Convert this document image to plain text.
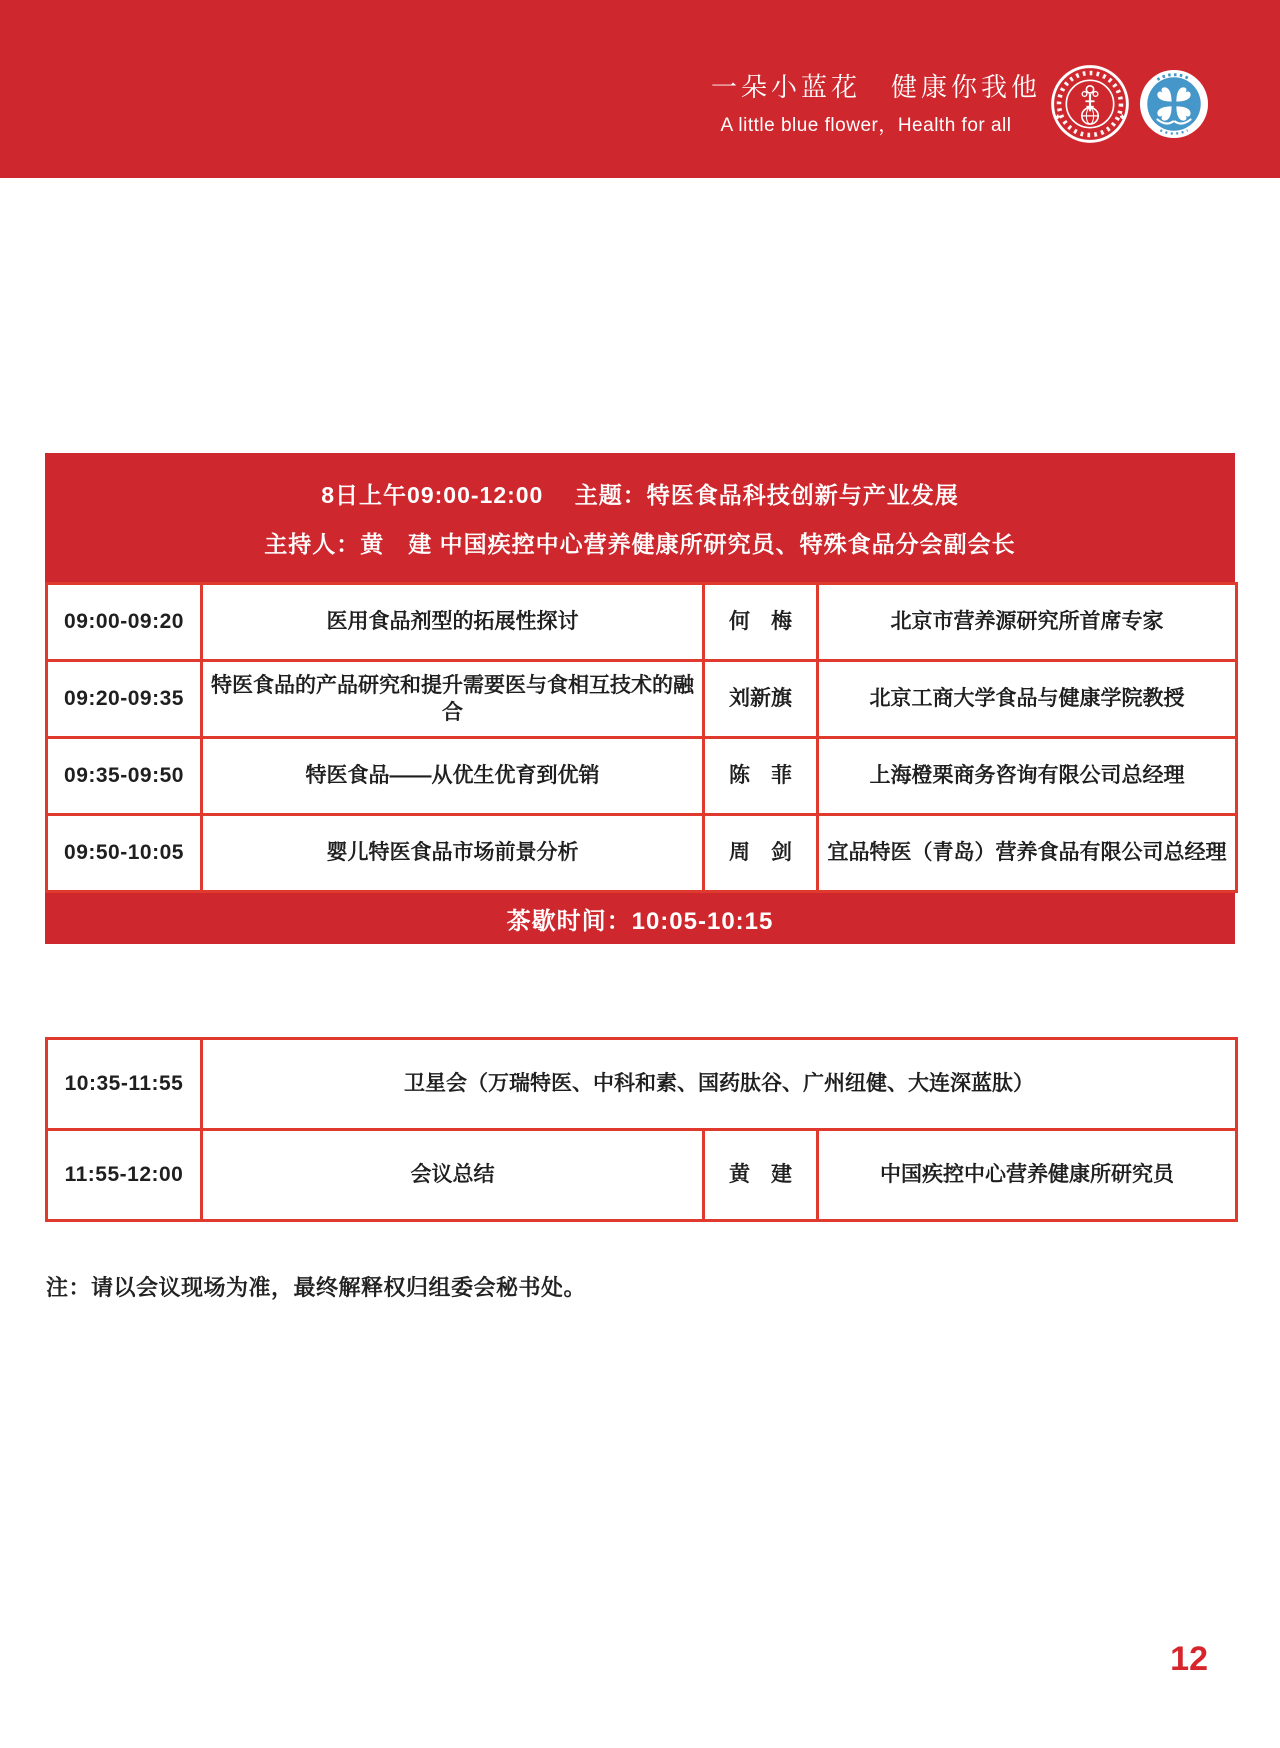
一朵小蓝花　健康你我他
A little blue flower，Health for all
8日上午09:00-12:00　 主题：特医食品科技创新与产业发展
主持人：黄　建 中国疾控中心营养健康所研究员、特殊食品分会副会长
09:00-09:20	医用食品剂型的拓展性探讨	何　梅	北京市营养源研究所首席专家
09:20-09:35	特医食品的产品研究和提升需要医与食相互技术的融合	刘新旗	北京工商大学食品与健康学院教授
09:35-09:50	特医食品——从优生优育到优销	陈　菲	上海橙栗商务咨询有限公司总经理
09:50-10:05	婴儿特医食品市场前景分析	周　剑	宜品特医（青岛）营养食品有限公司总经理
茶歇时间：10:05-10:15
10:35-11:55	卫星会（万瑞特医、中科和素、国药肽谷、广州纽健、大连深蓝肽）		
11:55-12:00	会议总结	黄　建	中国疾控中心营养健康所研究员

注：请以会议现场为准，最终解释权归组委会秘书处。

12
